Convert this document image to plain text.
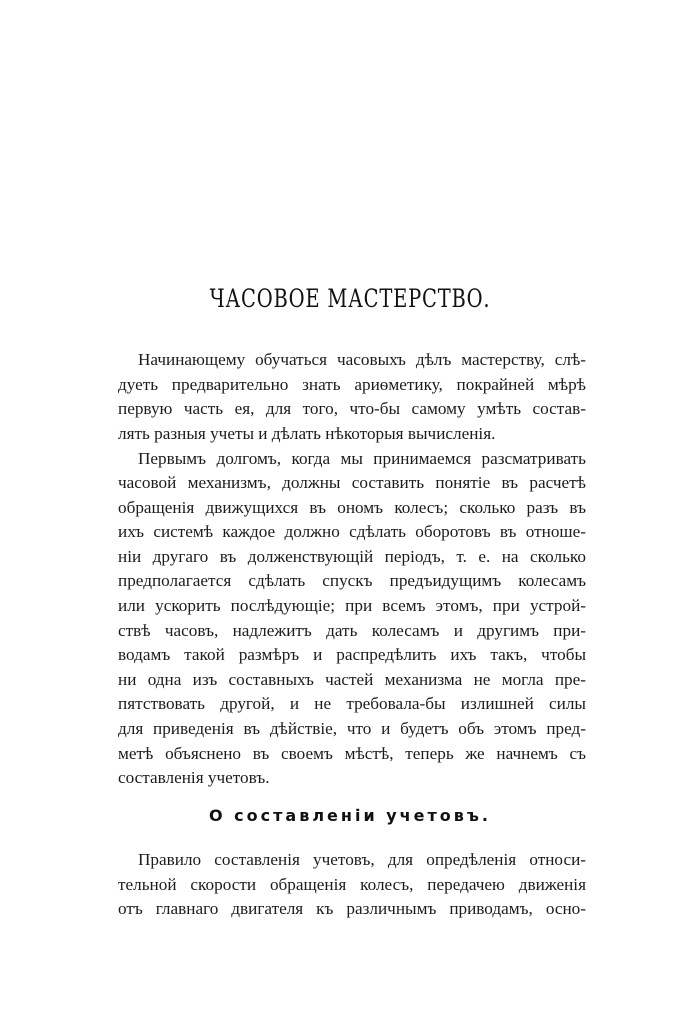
ЧАСОВОЕ МАСТЕРСТВО.
Начинающему обучаться часовыхъ дѣлъ мастерству, слѣ-
дуеть предварительно знать ариѳметику, покрайней мѣрѣ
первую часть ея, для того, что-бы самому умѣть состав-
лять разныя учеты и дѣлать нѣкоторыя вычисленія.
Первымъ долгомъ, когда мы принимаемся разсматривать
часовой механизмъ, должны составить понятіе въ расчетѣ
обращенія движущихся въ ономъ колесъ; сколько разъ въ
ихъ системѣ каждое должно сдѣлать оборотовъ въ отноше-
ніи другаго въ долженствующій періодъ, т. е. на сколько
предполагается сдѣлать спускъ предъидущимъ колесамъ
или ускорить послѣдующіе; при всемъ этомъ, при устрой-
ствѣ часовъ, надлежитъ дать колесамъ и другимъ при-
водамъ такой размѣръ и распредѣлить ихъ такъ, чтобы
ни одна изъ составныхъ частей механизма не могла пре-
пятствовать другой, и не требовала-бы излишней силы
для приведенія въ дѣйствіе, что и будетъ объ этомъ пред-
метѣ объяснено въ своемъ мѣстѣ, теперь же начнемъ съ
составленія учетовъ.
О составленіи учетовъ.
Правило составленія учетовъ, для опредѣленія относи-
тельной скорости обращенія колесъ, передачею движенія
отъ главнаго двигателя къ различнымъ приводамъ, осно-
